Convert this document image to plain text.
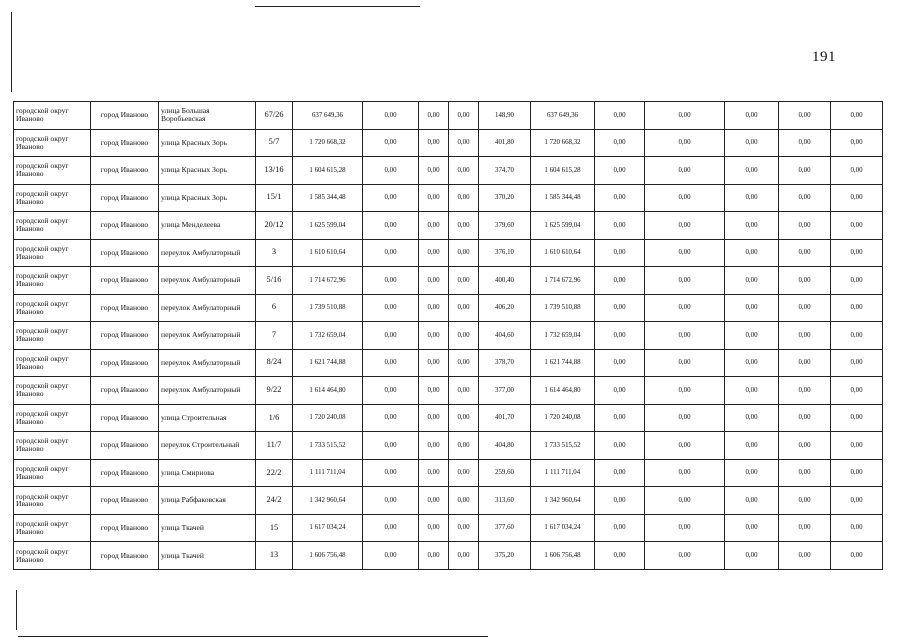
191
городской округ Иваново	город Иваново	улица Большая Воробьевская	67/26	637 649,36	0,00	0,00	0,00	148,90	637 649,36	0,00	0,00	0,00	0,00	0,00
городской округ Иваново	город Иваново	улица Красных Зорь	5/7	1 720 668,32	0,00	0,00	0,00	401,80	1 720 668,32	0,00	0,00	0,00	0,00	0,00
городской округ Иваново	город Иваново	улица Красных Зорь	13/16	1 604 615,28	0,00	0,00	0,00	374,70	1 604 615,28	0,00	0,00	0,00	0,00	0,00
городской округ Иваново	город Иваново	улица Красных Зорь	15/1	1 585 344,48	0,00	0,00	0,00	370,20	1 585 344,48	0,00	0,00	0,00	0,00	0,00
городской округ Иваново	город Иваново	улица Менделеева	20/12	1 625 599,04	0,00	0,00	0,00	379,60	1 625 599,04	0,00	0,00	0,00	0,00	0,00
городской округ Иваново	город Иваново	переулок Амбулаторный	3	1 610 610,64	0,00	0,00	0,00	376,10	1 610 610,64	0,00	0,00	0,00	0,00	0,00
городской округ Иваново	город Иваново	переулок Амбулаторный	5/16	1 714 672,96	0,00	0,00	0,00	400,40	1 714 672,96	0,00	0,00	0,00	0,00	0,00
городской округ Иваново	город Иваново	переулок Амбулаторный	6	1 739 510,88	0,00	0,00	0,00	406,20	1 739 510,88	0,00	0,00	0,00	0,00	0,00
городской округ Иваново	город Иваново	переулок Амбулаторный	7	1 732 659,04	0,00	0,00	0,00	404,60	1 732 659,04	0,00	0,00	0,00	0,00	0,00
городской округ Иваново	город Иваново	переулок Амбулаторный	8/24	1 621 744,88	0,00	0,00	0,00	378,70	1 621 744,88	0,00	0,00	0,00	0,00	0,00
городской округ Иваново	город Иваново	переулок Амбулаторный	9/22	1 614 464,80	0,00	0,00	0,00	377,00	1 614 464,80	0,00	0,00	0,00	0,00	0,00
городской округ Иваново	город Иваново	улица Строительная	1/6	1 720 240,08	0,00	0,00	0,00	401,70	1 720 240,08	0,00	0,00	0,00	0,00	0,00
городской округ Иваново	город Иваново	переулок Строительный	11/7	1 733 515,52	0,00	0,00	0,00	404,80	1 733 515,52	0,00	0,00	0,00	0,00	0,00
городской округ Иваново	город Иваново	улица Смирнова	22/2	1 111 711,04	0,00	0,00	0,00	259,60	1 111 711,04	0,00	0,00	0,00	0,00	0,00
городской округ Иваново	город Иваново	улица Рабфаковская	24/2	1 342 960,64	0,00	0,00	0,00	313,60	1 342 960,64	0,00	0,00	0,00	0,00	0,00
городской округ Иваново	город Иваново	улица Ткачей	15	1 617 034,24	0,00	0,00	0,00	377,60	1 617 034,24	0,00	0,00	0,00	0,00	0,00
городской округ Иваново	город Иваново	улица Ткачей	13	1 606 756,48	0,00	0,00	0,00	375,20	1 606 756,48	0,00	0,00	0,00	0,00	0,00
